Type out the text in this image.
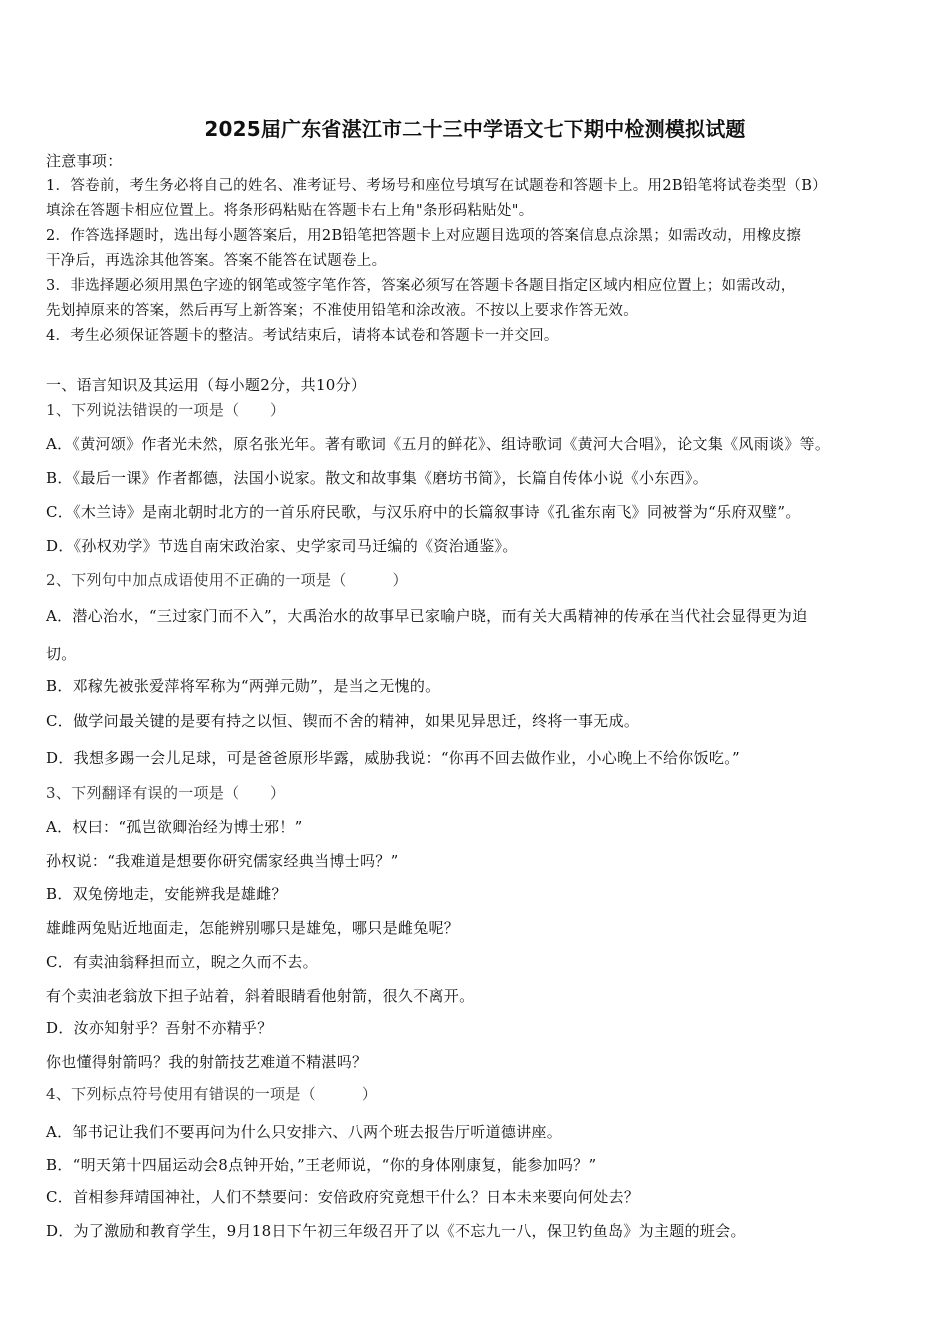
2025届广东省湛江市二十三中学语文七下期中检测模拟试题
注意事项：
1．答卷前，考生务必将自己的姓名、准考证号、考场号和座位号填写在试题卷和答题卡上。用2B铅笔将试卷类型（B）
填涂在答题卡相应位置上。将条形码粘贴在答题卡右上角"条形码粘贴处"。
2．作答选择题时，选出每小题答案后，用2B铅笔把答题卡上对应题目选项的答案信息点涂黑；如需改动，用橡皮擦
干净后，再选涂其他答案。答案不能答在试题卷上。
3．非选择题必须用黑色字迹的钢笔或签字笔作答，答案必须写在答题卡各题目指定区域内相应位置上；如需改动，
先划掉原来的答案，然后再写上新答案；不准使用铅笔和涂改液。不按以上要求作答无效。
4．考生必须保证答题卡的整洁。考试结束后，请将本试卷和答题卡一并交回。
一、语言知识及其运用（每小题2分，共10分）
1、下列说法错误的一项是（　　）
A．《黄河颂》作者光未然，原名张光年。著有歌词《五月的鲜花》、组诗歌词《黄河大合唱》，论文集《风雨谈》等。
B．《最后一课》作者都德，法国小说家。散文和故事集《磨坊书简》，长篇自传体小说《小东西》。
C．《木兰诗》是南北朝时北方的一首乐府民歌，与汉乐府中的长篇叙事诗《孔雀东南飞》同被誉为“乐府双璧”。
D．《孙权劝学》节选自南宋政治家、史学家司马迁编的《资治通鉴》。
2、下列句中加点成语使用不正确的一项是（　　　）
A．潜心治水，“三过家门而不入”，大禹治水的故事早已家喻户晓，而有关大禹精神的传承在当代社会显得更为迫
切。
B．邓稼先被张爱萍将军称为“两弹元勋”，是当之无愧的。
C．做学问最关键的是要有持之以恒、锲而不舍的精神，如果见异思迁，终将一事无成。
D．我想多踢一会儿足球，可是爸爸原形毕露，威胁我说：“你再不回去做作业，小心晚上不给你饭吃。”
3、下列翻译有误的一项是（　　）
A．权曰：“孤岂欲卿治经为博士邪！”
孙权说：“我难道是想要你研究儒家经典当博士吗？”
B．双兔傍地走，安能辨我是雄雌？
雄雌两兔贴近地面走，怎能辨别哪只是雄兔，哪只是雌兔呢？
C．有卖油翁释担而立，睨之久而不去。
有个卖油老翁放下担子站着，斜着眼睛看他射箭，很久不离开。
D．汝亦知射乎？吾射不亦精乎？
你也懂得射箭吗？我的射箭技艺难道不精湛吗？
4、下列标点符号使用有错误的一项是（　　　）
A．邹书记让我们不要再问为什么只安排六、八两个班去报告厅听道德讲座。
B．“明天第十四届运动会8点钟开始，”王老师说，“你的身体刚康复，能参加吗？”
C．首相参拜靖国神社，人们不禁要问：安倍政府究竟想干什么？日本未来要向何处去？
D．为了激励和教育学生，9月18日下午初三年级召开了以《不忘九一八，保卫钓鱼岛》为主题的班会。
